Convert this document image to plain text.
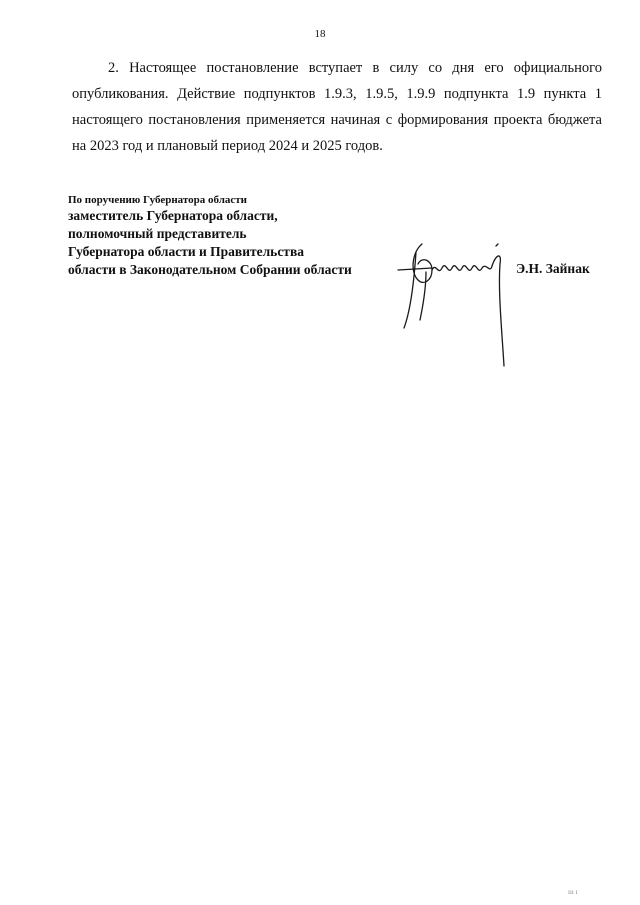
18

2. Настоящее постановление вступает в силу со дня его официального опубликования. Действие подпунктов 1.9.3, 1.9.5, 1.9.9 подпункта 1.9 пункта 1 настоящего постановления применяется начиная с формирования проекта бюджета на 2023 год и плановый период 2024 и 2025 годов.

По поручению Губернатора области
заместитель Губернатора области,
полномочный представитель
Губернатора области и Правительства
области в Законодательном Собрании области	Э.Н. Зайнак
ııı ı
